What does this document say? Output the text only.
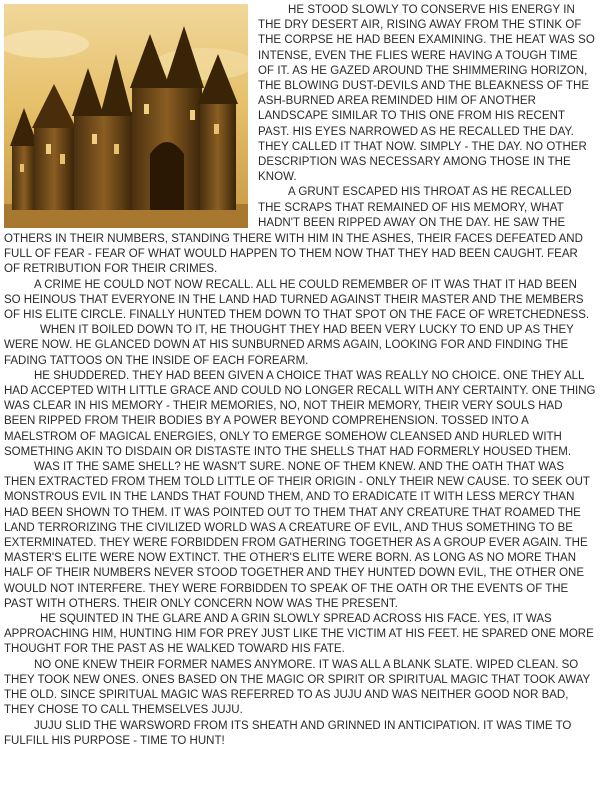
HE STOOD SLOWLY TO CONSERVE HIS ENERGY IN THE DRY DESERT AIR, RISING AWAY FROM THE STINK OF THE CORPSE HE HAD BEEN EXAMINING. THE HEAT WAS SO INTENSE, EVEN THE FLIES WERE HAVING A TOUGH TIME OF IT. AS HE GAZED AROUND THE SHIMMERING HORIZON, THE BLOWING DUST-DEVILS AND THE BLEAKNESS OF THE ASH-BURNED AREA REMINDED HIM OF ANOTHER LANDSCAPE SIMILAR TO THIS ONE FROM HIS RECENT PAST. HIS EYES NARROWED AS HE RECALLED THE DAY.

THEY CALLED IT THAT NOW. SIMPLY - THE DAY. NO OTHER DESCRIPTION WAS NECESSARY AMONG THOSE IN THE KNOW.

A GRUNT ESCAPED HIS THROAT AS HE RECALLED THE SCRAPS THAT REMAINED OF HIS MEMORY, WHAT HADN'T BEEN RIPPED AWAY ON THE DAY. HE SAW THE

OTHERS IN THEIR NUMBERS, STANDING THERE WITH HIM IN THE ASHES, THEIR FACES DEFEATED AND FULL OF FEAR - FEAR OF WHAT WOULD HAPPEN TO THEM NOW THAT THEY HAD BEEN CAUGHT. FEAR OF RETRIBUTION FOR THEIR CRIMES.

A CRIME HE COULD NOT NOW RECALL. ALL HE COULD REMEMBER OF IT WAS THAT IT HAD BEEN SO HEINOUS THAT EVERYONE IN THE LAND HAD TURNED AGAINST THEIR MASTER AND THE MEMBERS OF HIS ELITE CIRCLE. FINALLY HUNTED THEM DOWN TO THAT SPOT ON THE FACE OF WRETCHEDNESS.

WHEN IT BOILED DOWN TO IT, HE THOUGHT THEY HAD BEEN VERY LUCKY TO END UP AS THEY WERE NOW. HE GLANCED DOWN AT HIS SUNBURNED ARMS AGAIN, LOOKING FOR AND FINDING THE FADING TATTOOS ON THE INSIDE OF EACH FOREARM.

HE SHUDDERED. THEY HAD BEEN GIVEN A CHOICE THAT WAS REALLY NO CHOICE. ONE THEY ALL HAD ACCEPTED WITH LITTLE GRACE AND COULD NO LONGER RECALL WITH ANY CERTAINTY. ONE THING WAS CLEAR IN HIS MEMORY - THEIR MEMORIES, NO, NOT THEIR MEMORY, THEIR VERY SOULS HAD BEEN RIPPED FROM THEIR BODIES BY A POWER BEYOND COMPREHENSION. TOSSED INTO A MAELSTROM OF MAGICAL ENERGIES, ONLY TO EMERGE SOMEHOW CLEANSED AND HURLED WITH SOMETHING AKIN TO DISDAIN OR DISTASTE INTO THE SHELLS THAT HAD FORMERLY HOUSED THEM.

WAS IT THE SAME SHELL? HE WASN'T SURE. NONE OF THEM KNEW. AND THE OATH THAT WAS THEN EXTRACTED FROM THEM TOLD LITTLE OF THEIR ORIGIN - ONLY THEIR NEW CAUSE. TO SEEK OUT MONSTROUS EVIL IN THE LANDS THAT FOUND THEM, AND TO ERADICATE IT WITH LESS MERCY THAN HAD BEEN SHOWN TO THEM. IT WAS POINTED OUT TO THEM THAT ANY CREATURE THAT ROAMED THE LAND TERRORIZING THE CIVILIZED WORLD WAS A CREATURE OF EVIL, AND THUS SOMETHING TO BE EXTERMINATED. THEY WERE FORBIDDEN FROM GATHERING TOGETHER AS A GROUP EVER AGAIN. THE MASTER'S ELITE WERE NOW EXTINCT. THE OTHER'S ELITE WERE BORN. AS LONG AS NO MORE THAN HALF OF THEIR NUMBERS NEVER STOOD TOGETHER AND THEY HUNTED DOWN EVIL, THE OTHER ONE WOULD NOT INTERFERE. THEY WERE FORBIDDEN TO SPEAK OF THE OATH OR THE EVENTS OF THE PAST WITH OTHERS. THEIR ONLY CONCERN NOW WAS THE PRESENT.

HE SQUINTED IN THE GLARE AND A GRIN SLOWLY SPREAD ACROSS HIS FACE. YES, IT WAS APPROACHING HIM, HUNTING HIM FOR PREY JUST LIKE THE VICTIM AT HIS FEET. HE SPARED ONE MORE THOUGHT FOR THE PAST AS HE WALKED TOWARD HIS FATE.

NO ONE KNEW THEIR FORMER NAMES ANYMORE. IT WAS ALL A BLANK SLATE. WIPED CLEAN. SO THEY TOOK NEW ONES. ONES BASED ON THE MAGIC OR SPIRIT OR SPIRITUAL MAGIC THAT TOOK AWAY THE OLD. SINCE SPIRITUAL MAGIC WAS REFERRED TO AS JUJU AND WAS NEITHER GOOD NOR BAD, THEY CHOSE TO CALL THEMSELVES JUJU.

JUJU SLID THE WARSWORD FROM ITS SHEATH AND GRINNED IN ANTICIPATION. IT WAS TIME TO FULFILL HIS PURPOSE - TIME TO HUNT!
